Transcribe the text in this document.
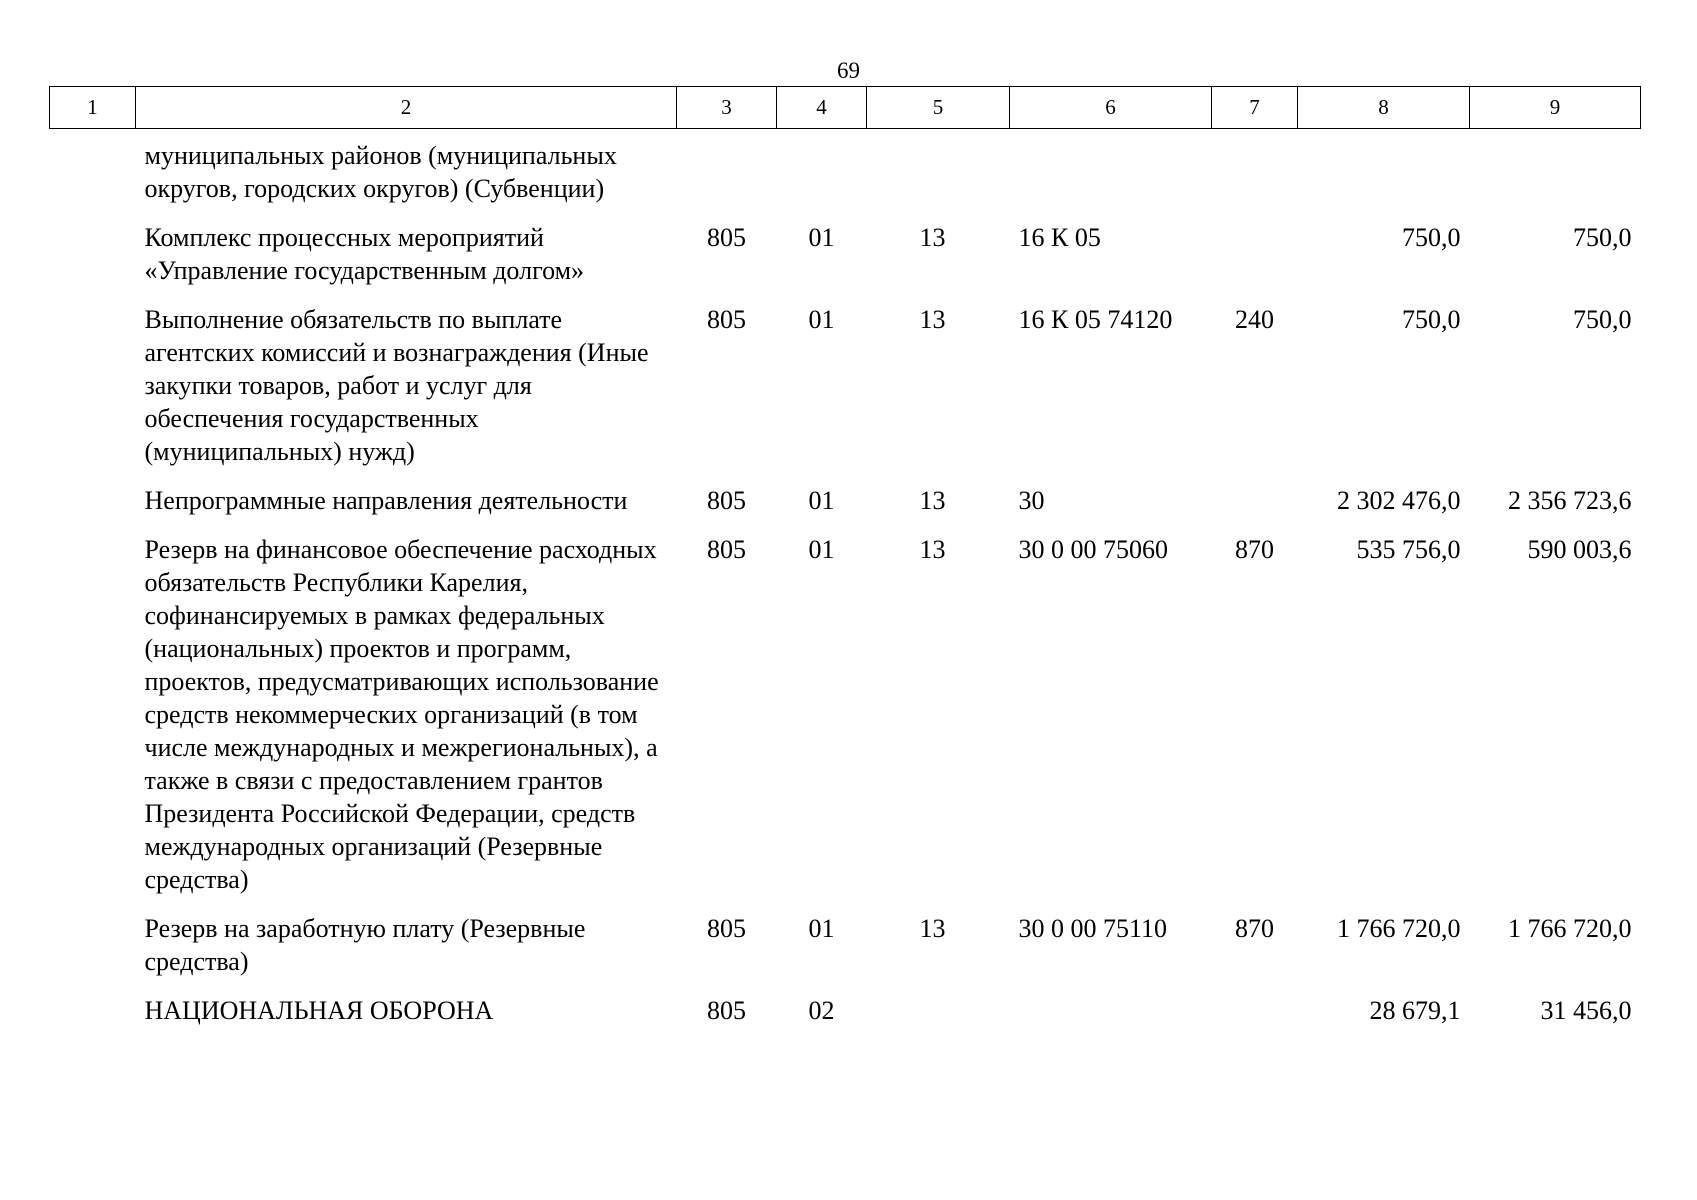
69
1	2	3	4	5	6	7	8	9
	муниципальных районов (муниципальных округов, городских округов) (Субвенции)							
	Комплекс процессных мероприятий «Управление государственным долгом»	805	01	13	16 К 05		750,0	750,0
	Выполнение обязательств по выплате агентских комиссий и вознаграждения (Иные закупки товаров, работ и услуг для обеспечения государственных (муниципальных) нужд)	805	01	13	16 К 05 74120	240	750,0	750,0
	Непрограммные направления деятельности	805	01	13	30		2 302 476,0	2 356 723,6
	Резерв на финансовое обеспечение расходных обязательств Республики Карелия, софинансируемых в рамках федеральных (национальных) проектов и программ, проектов, предусматривающих использование средств некоммерческих организаций (в том числе международных и межрегиональных), а также в связи с предоставлением грантов Президента Российской Федерации, средств международных организаций (Резервные средства)	805	01	13	30 0 00 75060	870	535 756,0	590 003,6
	Резерв на заработную плату (Резервные средства)	805	01	13	30 0 00 75110	870	1 766 720,0	1 766 720,0
	НАЦИОНАЛЬНАЯ ОБОРОНА	805	02				28 679,1	31 456,0
